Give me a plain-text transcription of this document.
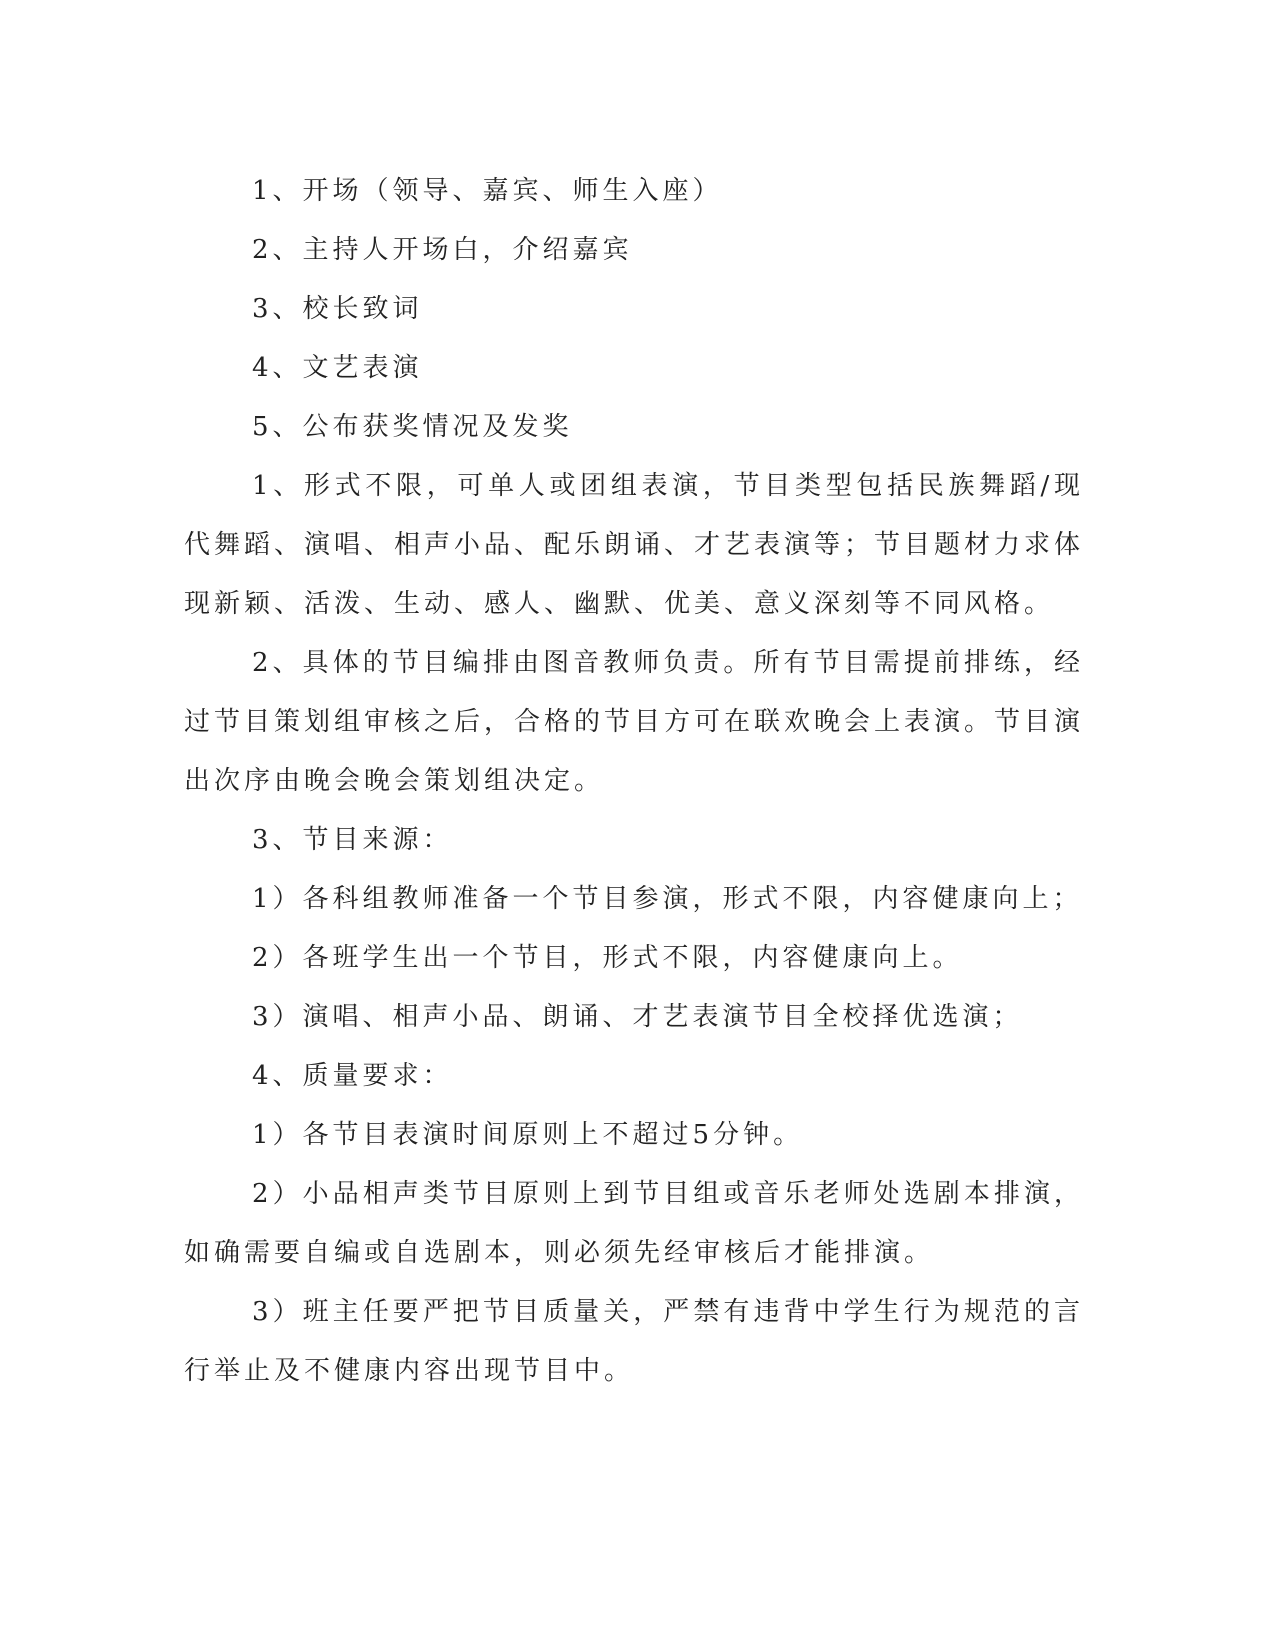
1、开场（领导、嘉宾、师生入座）

2、主持人开场白，介绍嘉宾

3、校长致词

4、文艺表演

5、公布获奖情况及发奖

1、形式不限，可单人或团组表演，节目类型包括民族舞蹈/现代舞蹈、演唱、相声小品、配乐朗诵、才艺表演等；节目题材力求体现新颖、活泼、生动、感人、幽默、优美、意义深刻等不同风格。

2、具体的节目编排由图音教师负责。所有节目需提前排练，经过节目策划组审核之后，合格的节目方可在联欢晚会上表演。节目演出次序由晚会晚会策划组决定。

3、节目来源：

1）各科组教师准备一个节目参演，形式不限，内容健康向上；

2）各班学生出一个节目，形式不限，内容健康向上。

3）演唱、相声小品、朗诵、才艺表演节目全校择优选演；

4、质量要求：

1）各节目表演时间原则上不超过5分钟。

2）小品相声类节目原则上到节目组或音乐老师处选剧本排演，如确需要自编或自选剧本，则必须先经审核后才能排演。

3）班主任要严把节目质量关，严禁有违背中学生行为规范的言行举止及不健康内容出现节目中。
